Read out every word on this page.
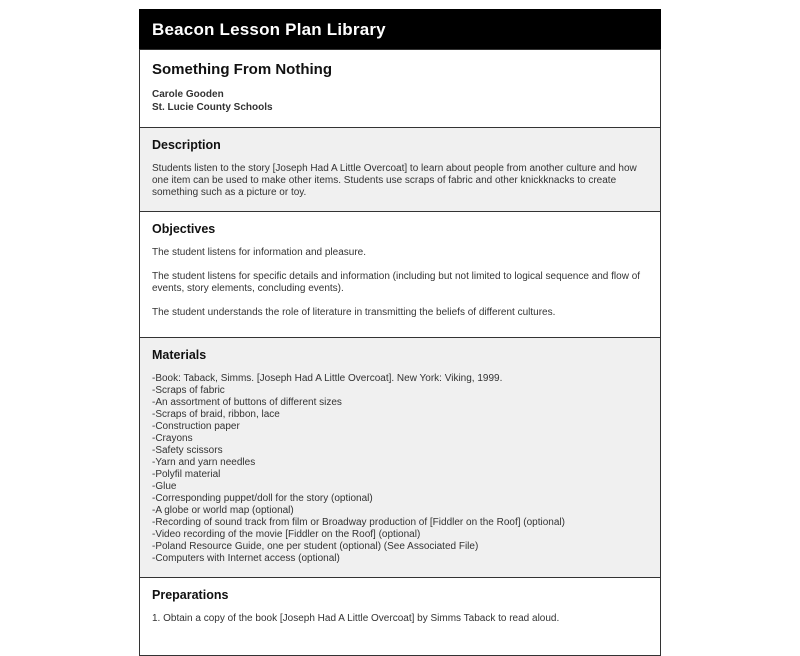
Beacon Lesson Plan Library
Something From Nothing
Carole Gooden
St. Lucie County Schools
Description
Students listen to the story [Joseph Had A Little Overcoat] to learn about people from another culture and how one item can be used to make other items. Students use scraps of fabric and other knickknacks to create something such as a picture or toy.
Objectives

The student listens for information and pleasure.

The student listens for specific details and information (including but not limited to logical sequence and flow of events, story elements, concluding events).

The student understands the role of literature in transmitting the beliefs of different cultures.

Materials
-Book: Taback, Simms. [Joseph Had A Little Overcoat]. New York: Viking, 1999.
-Scraps of fabric
-An assortment of buttons of different sizes
-Scraps of braid, ribbon, lace
-Construction paper
-Crayons
-Safety scissors
-Yarn and yarn needles
-Polyfil material
-Glue
-Corresponding puppet/doll for the story (optional)
-A globe or world map (optional)
-Recording of sound track from film or Broadway production of [Fiddler on the Roof] (optional)
-Video recording of the movie [Fiddler on the Roof] (optional)
-Poland Resource Guide, one per student (optional) (See Associated File)
-Computers with Internet access (optional)
Preparations
1. Obtain a copy of the book [Joseph Had A Little Overcoat] by Simms Taback to read aloud.
